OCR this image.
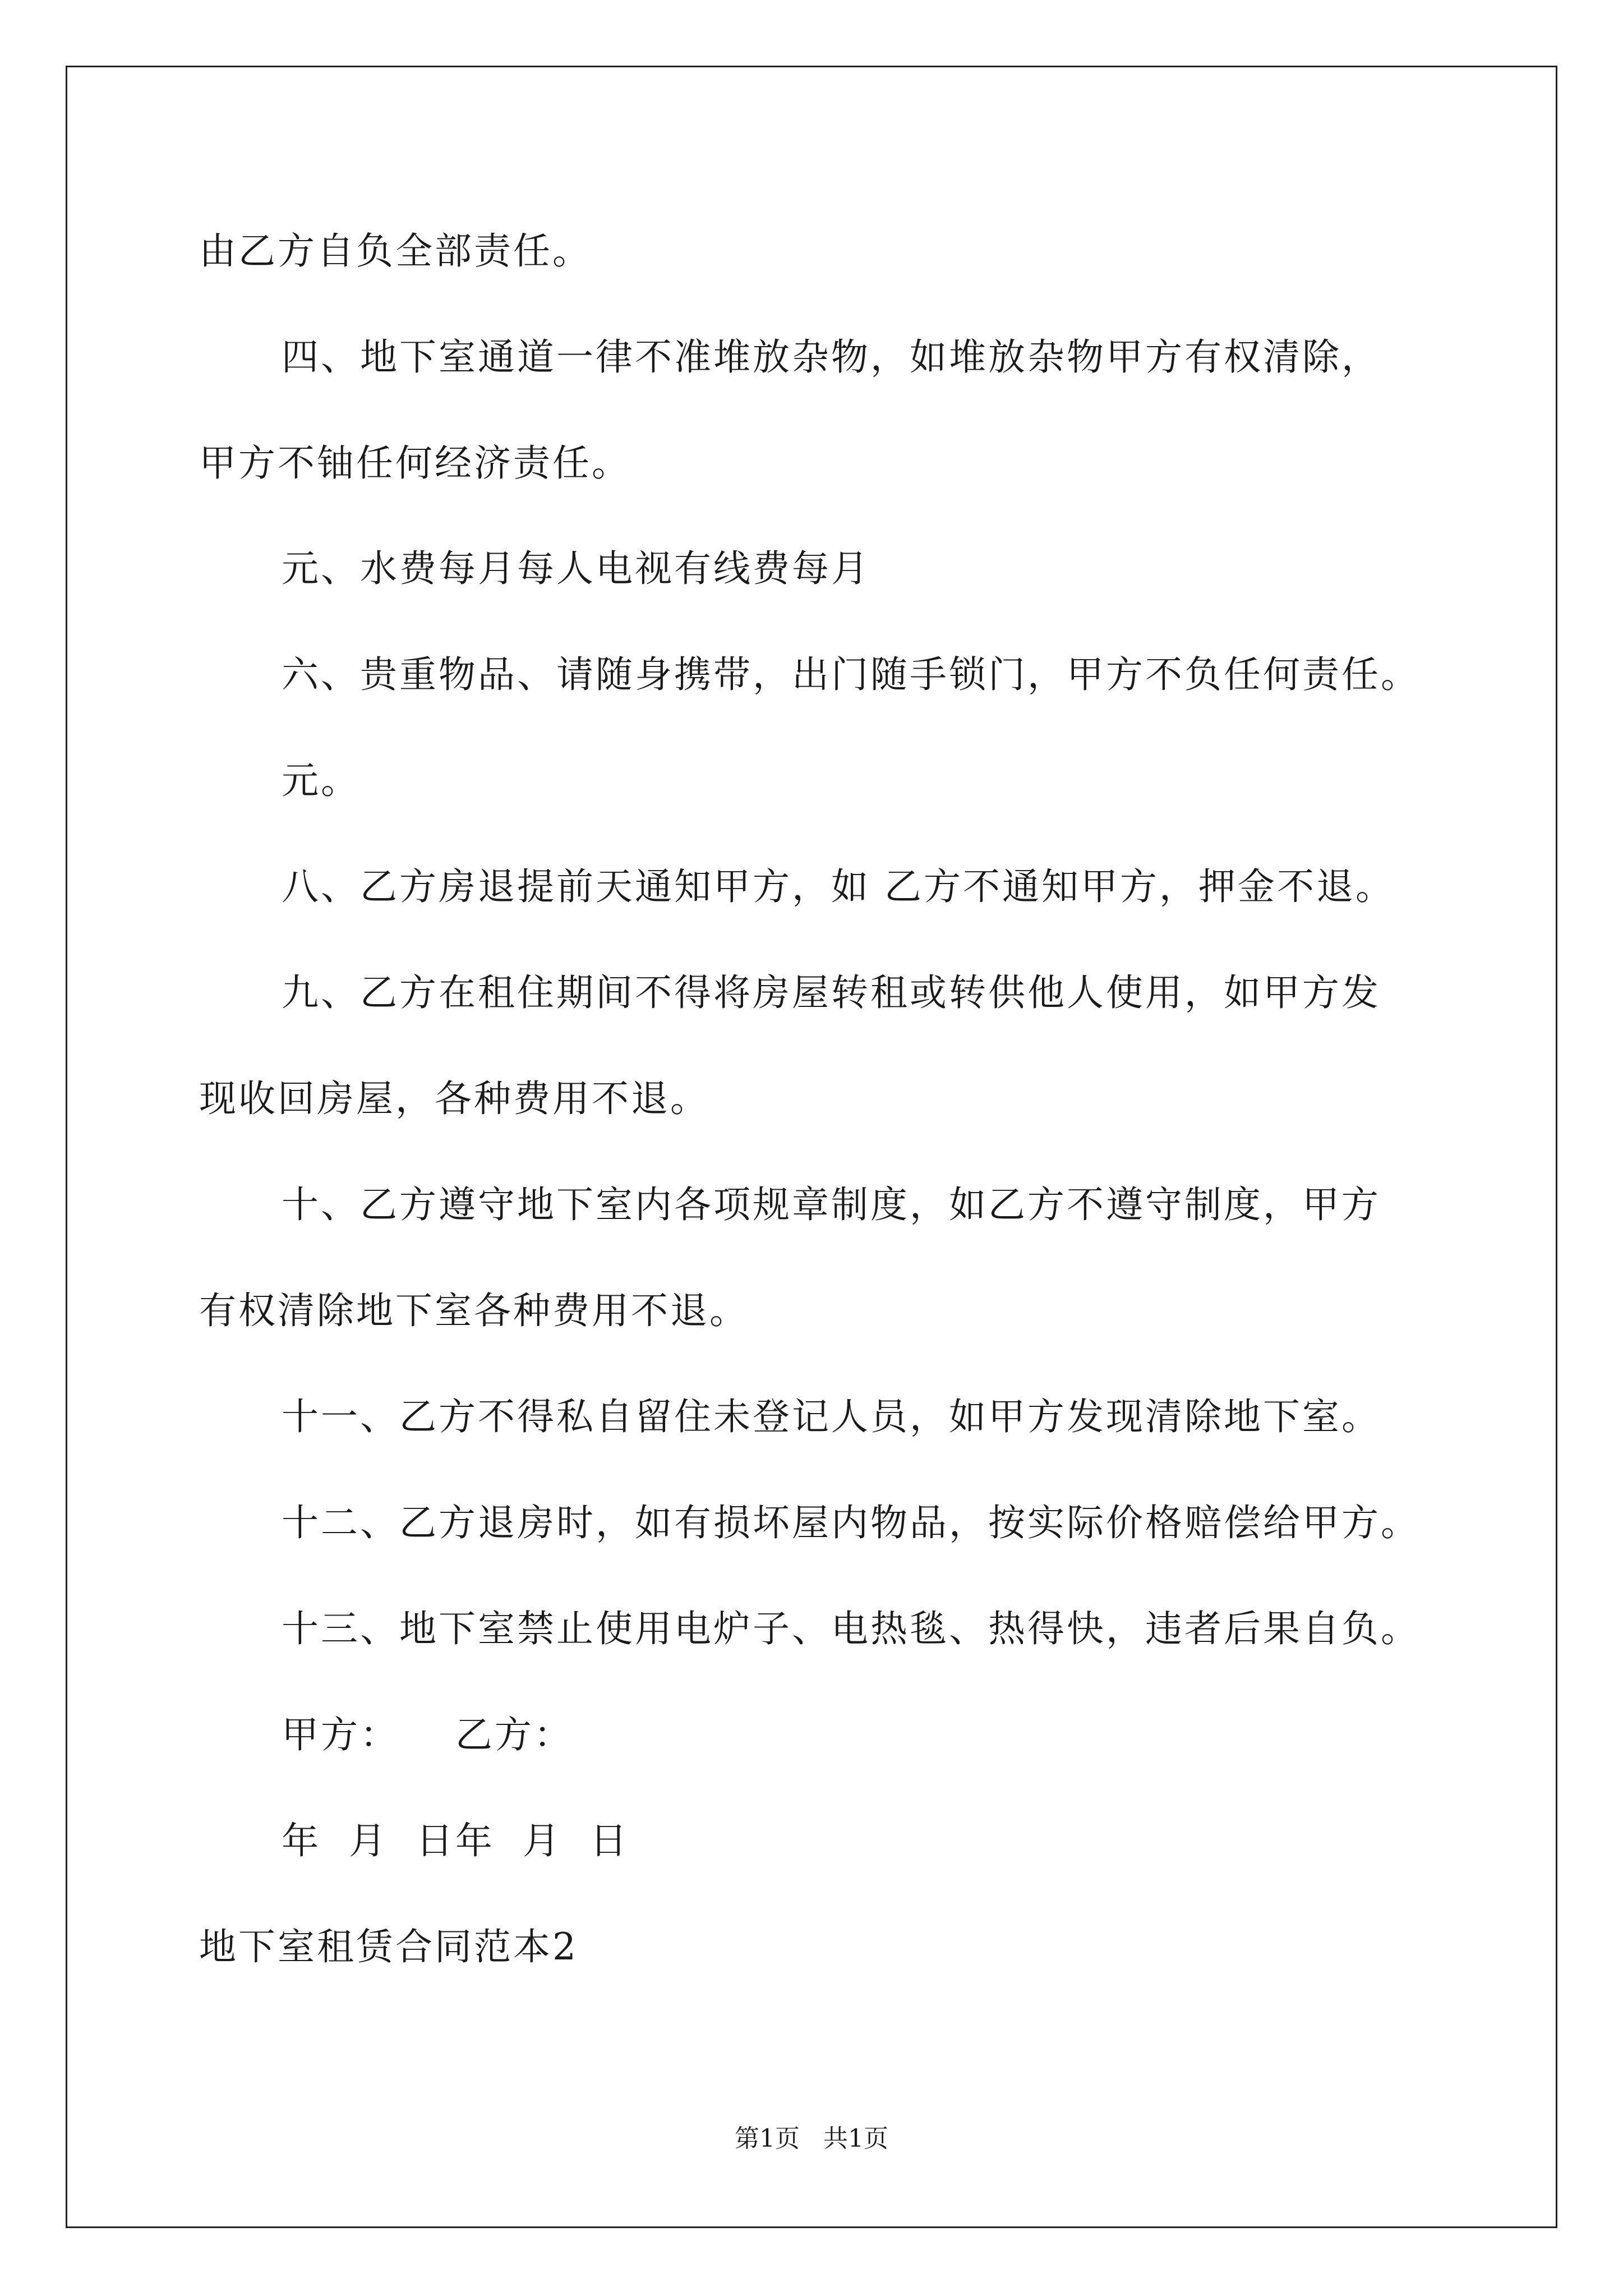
由乙方自负全部责任。

四、地下室通道一律不准堆放杂物，如堆放杂物甲方有权清除，

甲方不铀任何经济责任。

元、水费每月每人电视有线费每月

六、贵重物品、请随身携带，出门随手锁门，甲方不负任何责任。

元。

八、乙方房退提前天通知甲方，如 乙方不通知甲方，押金不退。

九、乙方在租住期间不得将房屋转租或转供他人使用，如甲方发

现收回房屋，各种费用不退。

十、乙方遵守地下室内各项规章制度，如乙方不遵守制度，甲方

有权清除地下室各种费用不退。

十一、乙方不得私自留住未登记人员，如甲方发现清除地下室。

十二、乙方退房时，如有损坏屋内物品，按实际价格赔偿给甲方。

十三、地下室禁止使用电炉子、电热毯、热得快，违者后果自负。

甲方：    乙方：

年  月  日年  月  日

地下室租赁合同范本2

第1页   共1页
